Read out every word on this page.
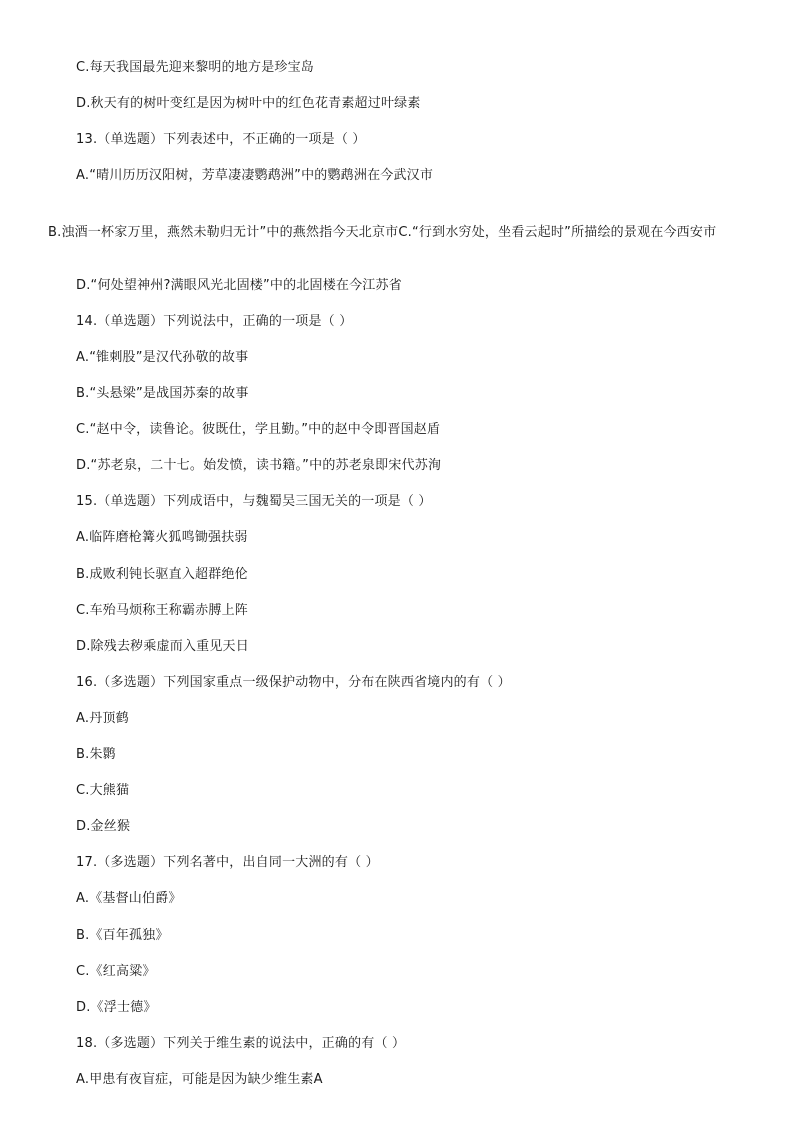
C.每天我国最先迎来黎明的地方是珍宝岛
D.秋天有的树叶变红是因为树叶中的红色花青素超过叶绿素
13.（单选题）下列表述中，不正确的一项是（ ）
A.“晴川历历汉阳树，芳草凄凄鹦鹉洲”中的鹦鹉洲在今武汉市
B.浊酒一杯家万里，燕然未勒归无计”中的燕然指今天北京市C.“行到水穷处，坐看云起时”所描绘的景观在今西安市
D.“何处望神州?满眼风光北固楼”中的北固楼在今江苏省
14.（单选题）下列说法中，正确的一项是（ ）
A.“锥刺股”是汉代孙敬的故事
B.“头悬梁”是战国苏秦的故事
C.“赵中令，读鲁论。彼既仕，学且勤。”中的赵中令即晋国赵盾
D.“苏老泉，二十七。始发愤，读书籍。”中的苏老泉即宋代苏洵
15.（单选题）下列成语中，与魏蜀吴三国无关的一项是（ ）
A.临阵磨枪篝火狐鸣锄强扶弱
B.成败利钝长驱直入超群绝伦
C.车殆马烦称王称霸赤膊上阵
D.除残去秽乘虚而入重见天日
16.（多选题）下列国家重点一级保护动物中，分布在陕西省境内的有（ ）
A.丹顶鹤
B.朱鹮
C.大熊猫
D.金丝猴
17.（多选题）下列名著中，出自同一大洲的有（ ）
A.《基督山伯爵》
B.《百年孤独》
C.《红高粱》
D.《浮士德》
18.（多选题）下列关于维生素的说法中，正确的有（ ）
A.甲患有夜盲症，可能是因为缺少维生素A
